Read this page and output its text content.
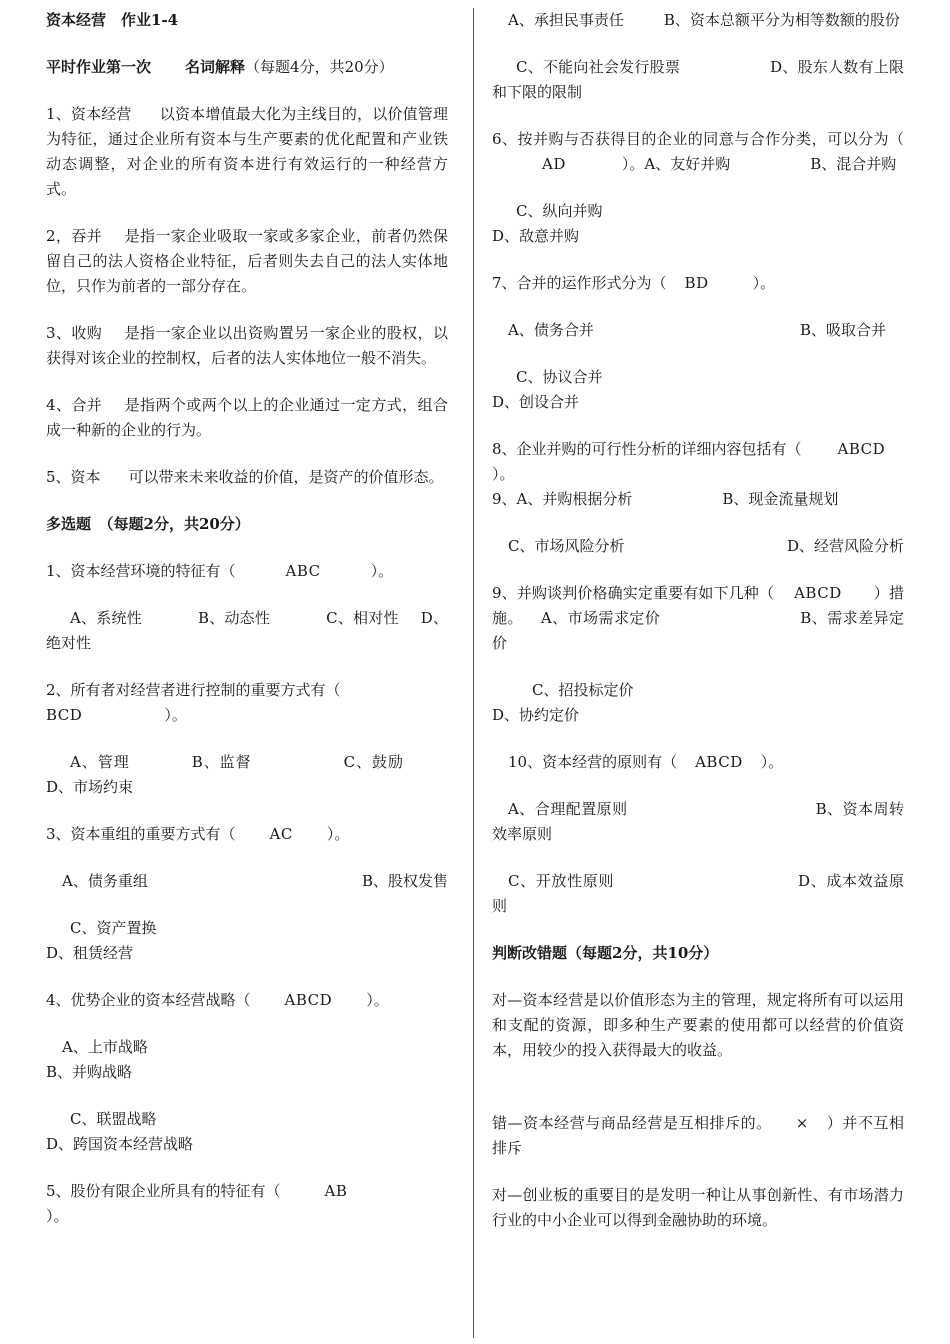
资本经营　作业1-4
平时作业第一次 名词解释（每题4分，共20分）
1、资本经营 以资本增值最大化为主线目的，以价值管理为特征，通过企业所有资本与生产要素的优化配置和产业铁动态调整，对企业的所有资本进行有效运行的一种经营方式。
2，吞并 是指一家企业吸取一家或多家企业，前者仍然保留自己的法人资格企业特征，后者则失去自己的法人实体地位，只作为前者的一部分存在。
3、收购 是指一家企业以出资购置另一家企业的股权，以获得对该企业的控制权，后者的法人实体地位一般不消失。
4、合并 是指两个或两个以上的企业通过一定方式，组合成一种新的企业的行为。
5、资本 可以带来未来收益的价值，是资产的价值形态。
多选题　（每题2分，共20分）
1、资本经营环境的特征有（	ABC	）。
A、系统性	B、动态性	C、相对性 D、绝对性
2、所有者对经营者进行控制的重要方式有（
BCD	）。
A、管理	B、监督	C、鼓励D、市场约束
3、资本重组的重要方式有（ AC ）。
A、债务重组	B、股权发售
C、资产置换
D、租赁经营
4、优势企业的资本经营战略（ ABCD ）。
A、上市战略
B、并购战略
C、联盟战略
D、跨国资本经营战略
5、股份有限企业所具有的特征有（	AB
）。
A、承担民事责任	B、资本总额平分为相等数额的股份
C、不能向社会发行股票	D、股东人数有上限和下限的限制
6、按并购与否获得目的企业的同意与合作分类，可以分为（AD	）。A、友好并购	B、混合并购
C、纵向并购
D、敌意并购
7、合并的运作形式分为（ BD	）。
A、债务合并	B、吸取合并
C、协议合并
D、创设合并
8、企业并购的可行性分析的详细内容包括有（ ABCD
）。
9、A、并购根据分析	B、现金流量规划
C、市场风险分析	D、经营风险分析
9、并购谈判价格确实定重要有如下几种（ ABCD ）措施。 A、市场需求定价	B、需求差异定价
C、招投标定价
D、协约定价
10、资本经营的原则有（ ABCD ）。
A、合理配置原则	B、资本周转效率原则
C、开放性原则	D、成本效益原则
判断改错题（每题2分，共10分）
对—资本经营是以价值形态为主的管理，规定将所有可以运用和支配的资源，即多种生产要素的使用都可以经营的价值资本，用较少的投入获得最大的收益。
错—资本经营与商品经营是互相排斥的。 × ）并不互相排斥
对—创业板的重要目的是发明一种让从事创新性、有市场潜力行业的中小企业可以得到金融协助的环境。
